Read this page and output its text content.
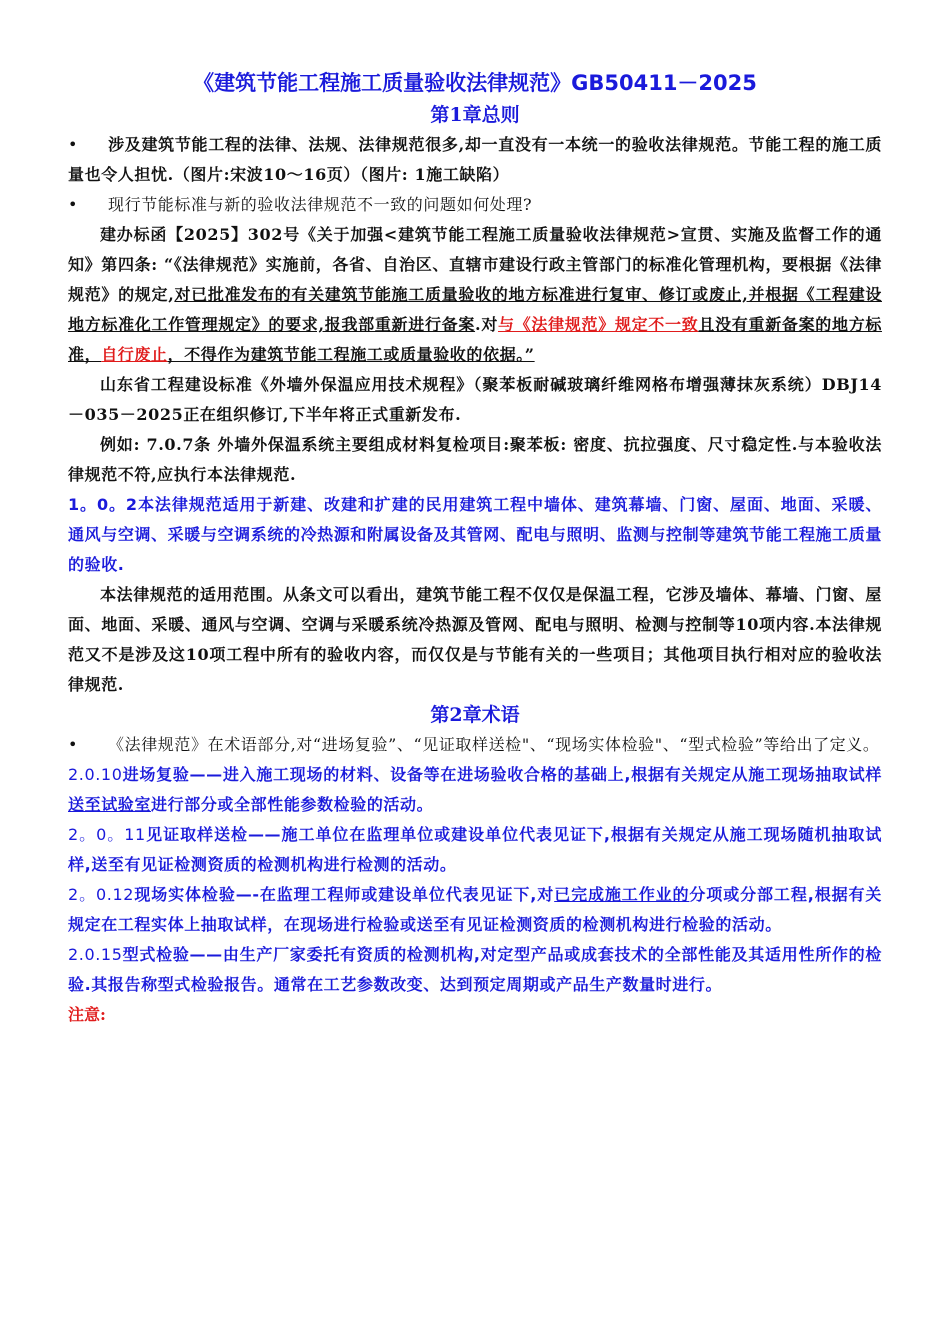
《建筑节能工程施工质量验收法律规范》GB50411－2025
第1章总则

• 涉及建筑节能工程的法律、法规、法律规范很多,却一直没有一本统一的验收法律规范。节能工程的施工质量也令人担忧.（图片:宋波10～16页）（图片: 1施工缺陷）

• 现行节能标准与新的验收法律规范不一致的问题如何处理?

建办标函【2025】302号《关于加强<建筑节能工程施工质量验收法律规范>宣贯、实施及监督工作的通知》第四条: “《法律规范》实施前，各省、自治区、直辖市建设行政主管部门的标准化管理机构，要根据《法律规范》的规定,对已批准发布的有关建筑节能施工质量验收的地方标准进行复审、修订或废止,并根据《工程建设地方标准化工作管理规定》的要求,报我部重新进行备案.对与《法律规范》规定不一致且没有重新备案的地方标准，自行废止，不得作为建筑节能工程施工或质量验收的依据。”

山东省工程建设标准《外墙外保温应用技术规程》（聚苯板耐碱玻璃纤维网格布增强薄抹灰系统）DBJ14－035－2025正在组织修订,下半年将正式重新发布.

例如: 7.0.7条 外墙外保温系统主要组成材料复检项目:聚苯板: 密度、抗拉强度、尺寸稳定性.与本验收法律规范不符,应执行本法律规范.

1。0。2本法律规范适用于新建、改建和扩建的民用建筑工程中墙体、建筑幕墙、门窗、屋面、地面、采暖、通风与空调、采暖与空调系统的冷热源和附属设备及其管网、配电与照明、监测与控制等建筑节能工程施工质量的验收.

本法律规范的适用范围。从条文可以看出，建筑节能工程不仅仅是保温工程，它涉及墙体、幕墙、门窗、屋面、地面、采暖、通风与空调、空调与采暖系统冷热源及管网、配电与照明、检测与控制等10项内容.本法律规范又不是涉及这10项工程中所有的验收内容，而仅仅是与节能有关的一些项目；其他项目执行相对应的验收法律规范.

第2章术语

• 《法律规范》在术语部分,对“进场复验”、“见证取样送检"、“现场实体检验"、“型式检验”等给出了定义。

2.0.10进场复验——进入施工现场的材料、设备等在进场验收合格的基础上,根据有关规定从施工现场抽取试样送至试验室进行部分或全部性能参数检验的活动。

2。0。11见证取样送检——施工单位在监理单位或建设单位代表见证下,根据有关规定从施工现场随机抽取试样,送至有见证检测资质的检测机构进行检测的活动。

2。0.12现场实体检验—-在监理工程师或建设单位代表见证下,对已完成施工作业的分项或分部工程,根据有关规定在工程实体上抽取试样，在现场进行检验或送至有见证检测资质的检测机构进行检验的活动。

2.0.15型式检验——由生产厂家委托有资质的检测机构,对定型产品或成套技术的全部性能及其适用性所作的检验.其报告称型式检验报告。通常在工艺参数改变、达到预定周期或产品生产数量时进行。

注意:
